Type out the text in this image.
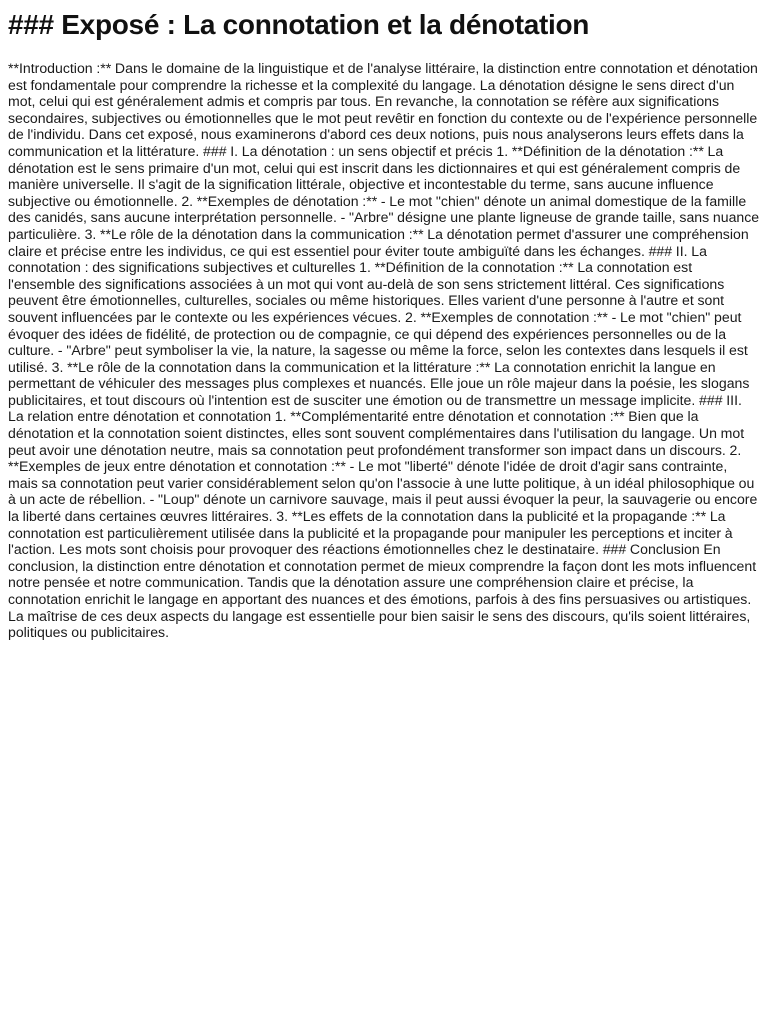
### Exposé : La connotation et la dénotation

**Introduction :** Dans le domaine de la linguistique et de l'analyse littéraire, la distinction entre connotation et dénotation est fondamentale pour comprendre la richesse et la complexité du langage. La dénotation désigne le sens direct d'un mot, celui qui est généralement admis et compris par tous. En revanche, la connotation se réfère aux significations secondaires, subjectives ou émotionnelles que le mot peut revêtir en fonction du contexte ou de l'expérience personnelle de l'individu. Dans cet exposé, nous examinerons d'abord ces deux notions, puis nous analyserons leurs effets dans la communication et la littérature. ### I. La dénotation : un sens objectif et précis 1. **Définition de la dénotation :** La dénotation est le sens primaire d'un mot, celui qui est inscrit dans les dictionnaires et qui est généralement compris de manière universelle. Il s'agit de la signification littérale, objective et incontestable du terme, sans aucune influence subjective ou émotionnelle. 2. **Exemples de dénotation :** - Le mot "chien" dénote un animal domestique de la famille des canidés, sans aucune interprétation personnelle. - "Arbre" désigne une plante ligneuse de grande taille, sans nuance particulière. 3. **Le rôle de la dénotation dans la communication :** La dénotation permet d'assurer une compréhension claire et précise entre les individus, ce qui est essentiel pour éviter toute ambiguïté dans les échanges. ### II. La connotation : des significations subjectives et culturelles 1. **Définition de la connotation :** La connotation est l'ensemble des significations associées à un mot qui vont au-delà de son sens strictement littéral. Ces significations peuvent être émotionnelles, culturelles, sociales ou même historiques. Elles varient d'une personne à l'autre et sont souvent influencées par le contexte ou les expériences vécues. 2. **Exemples de connotation :** - Le mot "chien" peut évoquer des idées de fidélité, de protection ou de compagnie, ce qui dépend des expériences personnelles ou de la culture. - "Arbre" peut symboliser la vie, la nature, la sagesse ou même la force, selon les contextes dans lesquels il est utilisé. 3. **Le rôle de la connotation dans la communication et la littérature :** La connotation enrichit la langue en permettant de véhiculer des messages plus complexes et nuancés. Elle joue un rôle majeur dans la poésie, les slogans publicitaires, et tout discours où l'intention est de susciter une émotion ou de transmettre un message implicite. ### III. La relation entre dénotation et connotation 1. **Complémentarité entre dénotation et connotation :** Bien que la dénotation et la connotation soient distinctes, elles sont souvent complémentaires dans l'utilisation du langage. Un mot peut avoir une dénotation neutre, mais sa connotation peut profondément transformer son impact dans un discours. 2. **Exemples de jeux entre dénotation et connotation :** - Le mot "liberté" dénote l'idée de droit d'agir sans contrainte, mais sa connotation peut varier considérablement selon qu'on l'associe à une lutte politique, à un idéal philosophique ou à un acte de rébellion. - "Loup" dénote un carnivore sauvage, mais il peut aussi évoquer la peur, la sauvagerie ou encore la liberté dans certaines œuvres littéraires. 3. **Les effets de la connotation dans la publicité et la propagande :** La connotation est particulièrement utilisée dans la publicité et la propagande pour manipuler les perceptions et inciter à l'action. Les mots sont choisis pour provoquer des réactions émotionnelles chez le destinataire. ### Conclusion En conclusion, la distinction entre dénotation et connotation permet de mieux comprendre la façon dont les mots influencent notre pensée et notre communication. Tandis que la dénotation assure une compréhension claire et précise, la connotation enrichit le langage en apportant des nuances et des émotions, parfois à des fins persuasives ou artistiques. La maîtrise de ces deux aspects du langage est essentielle pour bien saisir le sens des discours, qu'ils soient littéraires, politiques ou publicitaires.
